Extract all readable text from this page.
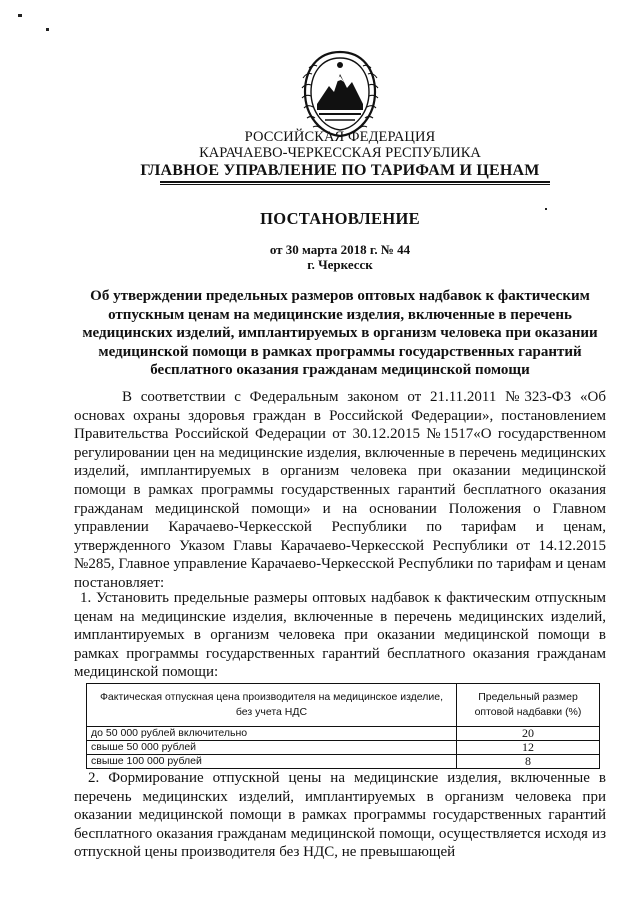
РОССИЙСКАЯ ФЕДЕРАЦИЯ
КАРАЧАЕВО-ЧЕРКЕССКАЯ РЕСПУБЛИКА
ГЛАВНОЕ УПРАВЛЕНИЕ ПО ТАРИФАМ И ЦЕНАМ
ПОСТАНОВЛЕНИЕ
от 30 марта 2018 г. № 44
г. Черкесск
Об утверждении предельных размеров оптовых надбавок к фактическим отпускным ценам на медицинские изделия, включенные в перечень медицинских изделий, имплантируемых в организм человека при оказании медицинской помощи в рамках программы государственных гарантий бесплатного оказания гражданам медицинской помощи
В соответствии с Федеральным законом от 21.11.2011 №323-ФЗ «Об основах охраны здоровья граждан в Российской Федерации», постановлением Правительства Российской Федерации от 30.12.2015 №1517«О государственном регулировании цен на медицинские изделия, включенные в перечень медицинских изделий, имплантируемых в организм человека при оказании медицинской помощи в рамках программы государственных гарантий бесплатного оказания гражданам медицинской помощи» и на основании Положения о Главном управлении Карачаево-Черкесской Республики по тарифам и ценам, утвержденного Указом Главы Карачаево-Черкесской Республики от 14.12.2015 №285, Главное управление Карачаево-Черкесской Республики по тарифам и ценам постановляет:
1. Установить предельные размеры оптовых надбавок к фактическим отпускным ценам на медицинские изделия, включенные в перечень медицинских изделий, имплантируемых в организм человека при оказании медицинской помощи в рамках программы государственных гарантий бесплатного оказания гражданам медицинской помощи:
Фактическая отпускная цена производителя на медицинское изделие, без учета НДС	Предельный размер оптовой надбавки (%)
до 50 000 рублей включительно	20
свыше 50 000 рублей	12
свыше 100 000 рублей	8
2. Формирование отпускной цены на медицинские изделия, включенные в перечень медицинских изделий, имплантируемых в организм человека при оказании медицинской помощи в рамках программы государственных гарантий бесплатного оказания гражданам медицинской помощи, осуществляется исходя из отпускной цены производителя без НДС, не превышающей
